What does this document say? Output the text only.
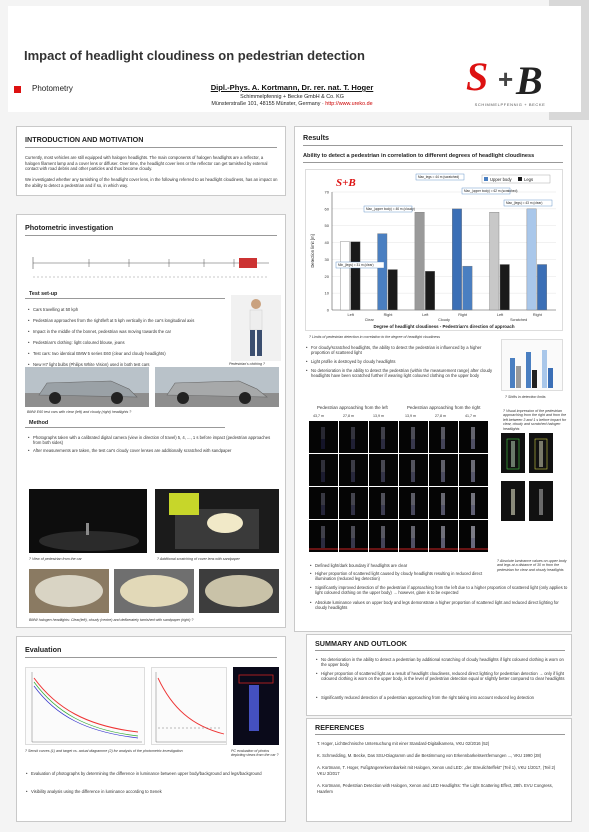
Impact of headlight cloudiness on pedestrian detection
Photometry	Dipl.-Phys. A. Kortmann, Dr. rer. nat. T. Hoger
Schimmelpfennig + Becke GmbH & Co. KG
Münsterstraße 101, 48155 Münster, Germany · http://www.ureko.de
S + B
SCHIMMELPFENNIG + BECKE
INTRODUCTION AND MOTIVATION
Currently, most vehicles are still equipped with halogen headlights. The main components of halogen headlights are a reflector, a halogen filament lamp and a cover lens or diffuser. Over time, the headlight cover lens or the reflector can get tarnished by external contact with road debris and other particles and thus become cloudy.
We investigated whether any tarnishing of the headlight cover lens, in the following referred to as headlight cloudiness, has an impact on the ability to detect a pedestrian and if so, in which way.
Photometric investigation
Test set-up
• Cars travelling at 50 kph
• Pedestrian approaches from the right/left at 5 kph vertically in the car's longitudinal axis
• Impact in the middle of the bonnet, pedestrian was moving towards the car
• Pedestrian's clothing: light coloured blouse, jeans
• Test cars: two identical BMW 5 series E60 (clear and cloudy headlights)
• New H7 light bulbs (Philips White Vision) used in both test cars	Pedestrian's clothing ?
BMW E60 test cars with clear (left) and cloudy (right) headlights ?
Method
• Photographs taken with a calibrated digital camera (view in direction of travel) 5, 4, ..., 1 s before impact (pedestrian approaches from both sides)
• After measurements are taken, the test car's cloudy cover lenses are additionally scratched with sandpaper
? View of pedestrian from the car	? Additional scratching of cover lens with sandpaper
BMW halogen headlights: Clear(left), cloudy (centre) and deliberately tarnished with sandpaper (right) ?
Evaluation
? Sensit curves (1) and target vs. actual diagramme (2) for analysis of the photometric investigation	PC evaluation of photos depicting views from the car ?
• Evaluation of photographs by determining the difference in luminance between upper body/background and legs/background
• Visibility analysis using the difference in luminance according to Senek
Results
Ability to detect a pedestrian in correlation to different degrees of headlight cloudiness
0
10
20
30
40
50
60
70
Left	Right	Left	Right	Left	Right
Clear	Cloudy	Scratched
Degree of headlight cloudiness - Pedestrian's direction of approach
Detection limit [m]
Upper body	Legs
Max_legs = 44 m (scratched)
Max_(upper body) = 62 m (scratched)
Max_(legs) = 43 m (clear)
Max_(upper body) = 46 m (cloudy)
Min_(legs) = 31 m (clear)
S+B
? Limits of pedestrian detection in correlation to the degree of headlight cloudiness
• For cloudy/scratched headlights, the ability to detect the pedestrian is influenced by a higher proportion of scattered light
• Light profile is destroyed by cloudy headlights
• No deterioration in the ability to detect the pedestrian (within the measurement range) after cloudy headlights have been scratched further if wearing light coloured clothing on the upper body
? Shifts in detection limits
Pedestrian approaching from the left	Pedestrian approaching from the right
43,7 m	27,8 m	13,9 m	13,9 m	27,8 m	41,7 m
? Visual impression of the pedestrian approaching from the right and from the left between 3 and 1 s before impact for clear, cloudy and scratched halogen headlights
? Absolute luminance values on upper body and legs at a distance of 30 m from the pedestrian for clear and cloudy headlights
• Defined light/dark boundary if headlights are clear
• Higher proportion of scattered light caused by cloudy headlights resulting in reduced direct illumination (reduced leg detection)
• Significantly improved detection of the pedestrian if approaching from the left due to a higher proportion of scattered light (only applies to light coloured clothing on the upper body) → however, glare is to be expected
• Absolute luminance values on upper body and legs demonstrate a higher proportion of scattered light and reduced direct lighting for cloudy headlights
SUMMARY AND OUTLOOK
• No deterioration in the ability to detect a pedestrian by additional scratching of cloudy headlights if light coloured clothing is worn on the upper body
• Higher proportion of scattered light as a result of headlight cloudiness, reduced direct lighting for pedestrian detection → only if light coloured clothing is worn on the upper body, is the level of pedestrian detection equal or slightly better compared to clear headlights
• Significantly reduced detection of a pedestrian approaching from the right taking into account reduced leg detection
REFERENCES
T. Hoger, Lichttechnische Untersuchung mit einer Standard-Digitalkamera, VKU 02/2016 (52)
K. Schmedding, M. Becke, Das SSU-Diagramm und die Bestimmung von Erkennbarkeitsentfernungen ..., VKU 1990 (28)
A. Kortmann, T. Hoger, Fußgängererkennbarkeit mit Halogen, Xenon und LED: „der Streulichteffekt" (Teil 1), VKU 1/2017, (Teil 2) VKU 3/2017
A. Kortmann, Pedestrian Detection with Halogen, Xenon and LED Headlights: The Light Scattering Effect, 28th. EVU Congress, Haarlem
